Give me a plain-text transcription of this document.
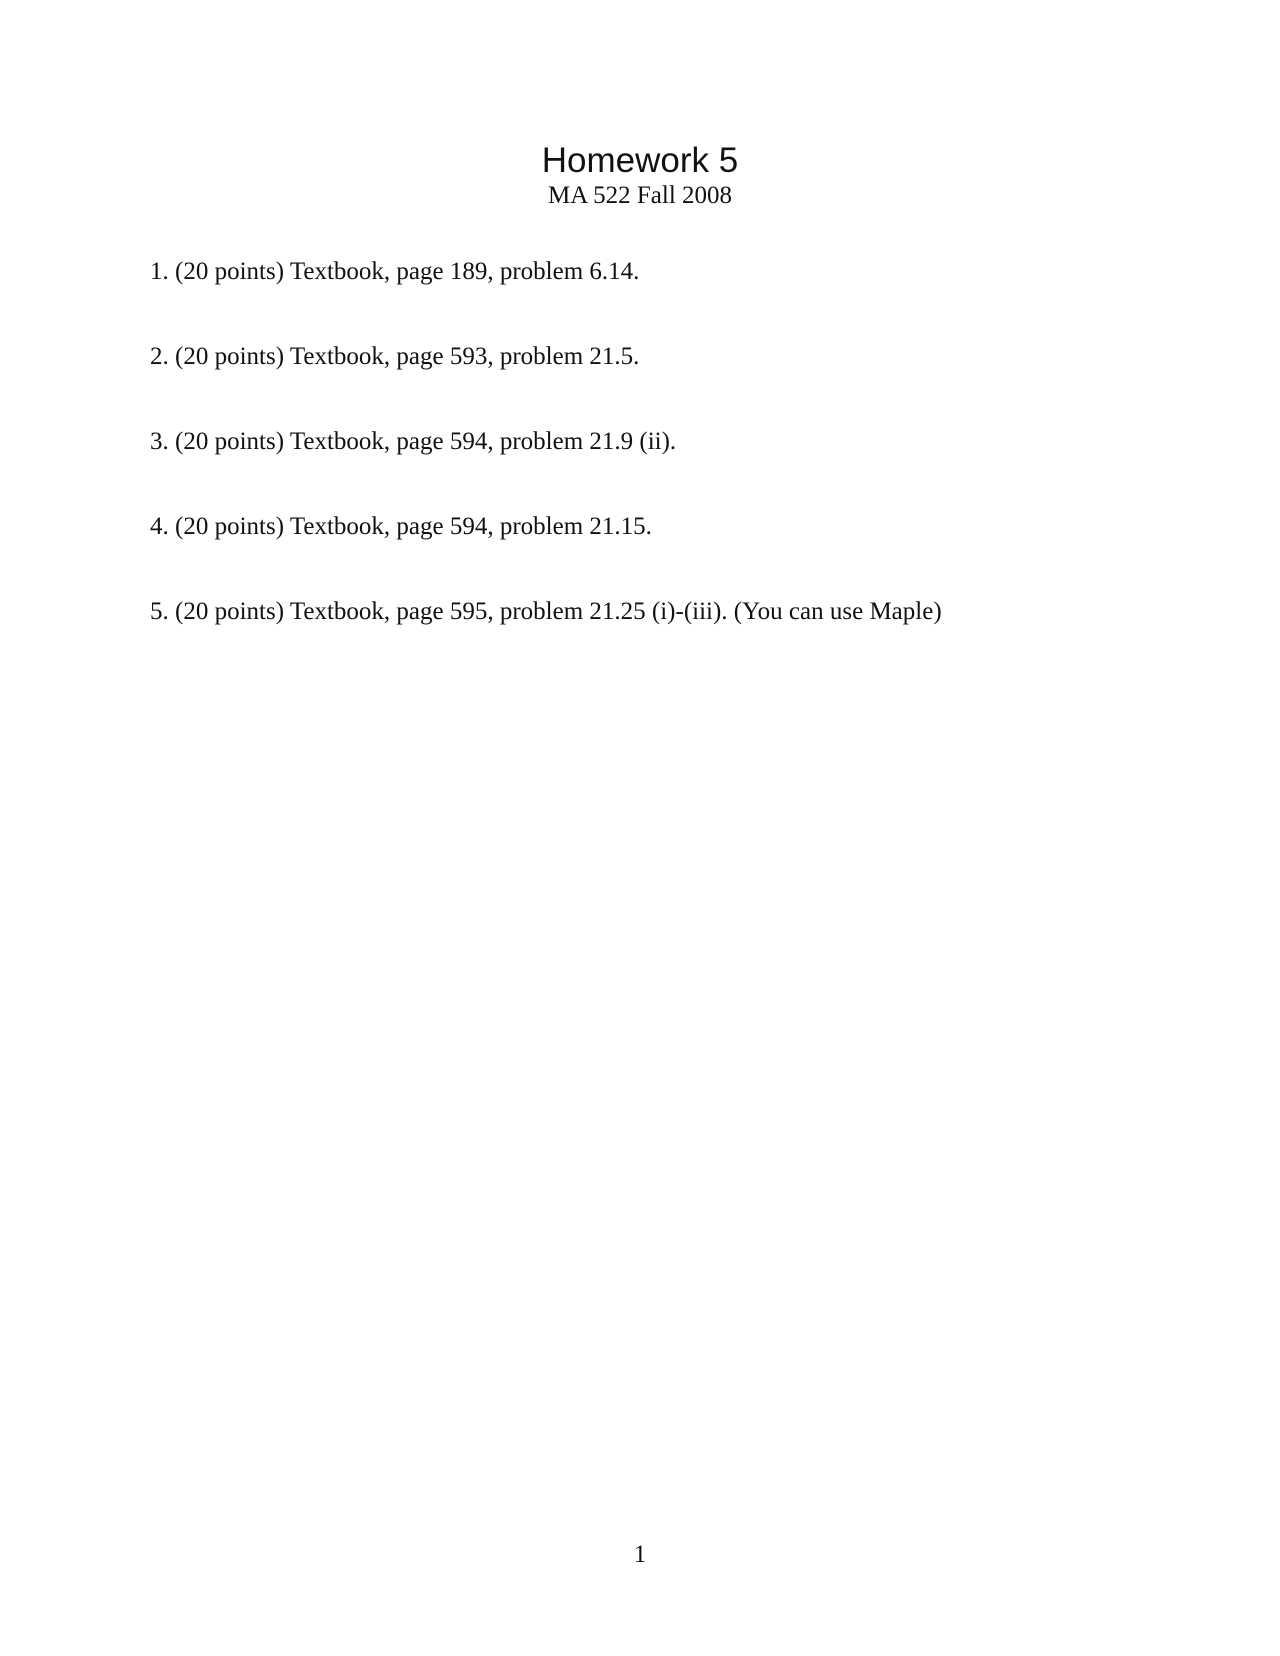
Homework 5
MA 522 Fall 2008
1. (20 points) Textbook, page 189, problem 6.14.
2. (20 points) Textbook, page 593, problem 21.5.
3. (20 points) Textbook, page 594, problem 21.9 (ii).
4. (20 points) Textbook, page 594, problem 21.15.
5. (20 points) Textbook, page 595, problem 21.25 (i)-(iii). (You can use Maple)
1
